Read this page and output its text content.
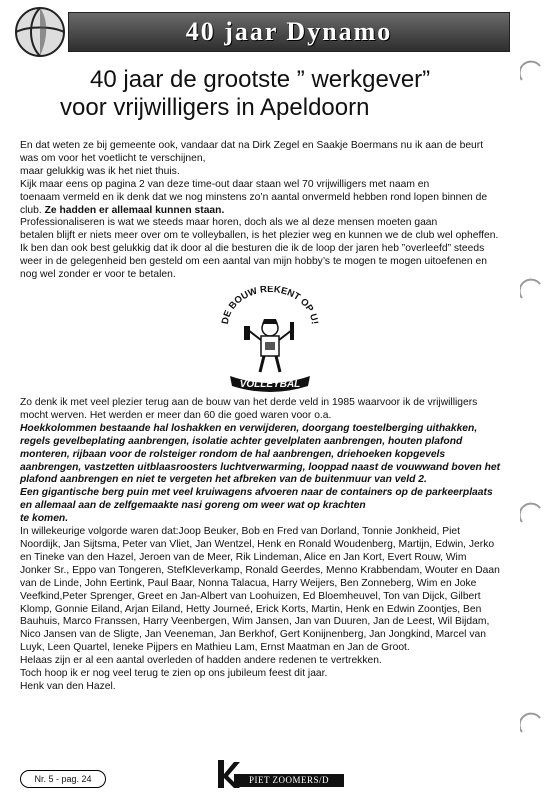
40 jaar Dynamo
40 jaar de grootste ” werkgever”
voor vrijwilligers in Apeldoorn

En dat weten ze bij gemeente ook, vandaar dat na Dirk Zegel en Saakje Boermans nu ik aan de beurt

was om voor het voetlicht te verschijnen,

maar gelukkig was ik het niet thuis.

Kijk maar eens op pagina 2 van deze time-out daar staan wel 70 vrijwilligers met naam en

toenaam vermeld en ik denk dat we nog minstens zo’n aantal onvermeld hebben rond lopen binnen de

club. Ze hadden er allemaal kunnen staan.

Professionaliseren is wat we steeds maar horen, doch als we al deze mensen moeten gaan

betalen blijft er niets meer over om te volleyballen, is het plezier weg en kunnen we de club wel opheffen.

Ik ben dan ook best gelukkig dat ik door al die besturen die ik de loop der jaren heb ”overleefd” steeds

weer in de gelegenheid ben gesteld om een aantal van mijn hobby’s te mogen te mogen uitoefenen en

nog wel zonder er voor te betalen.

DE BOUW REKENT OP U!
VOLLEYBAL

Zo denk ik met veel plezier terug aan de bouw van het derde veld in 1985 waarvoor ik de vrijwilligers

mocht werven. Het werden er meer dan 60 die goed waren voor o.a.

Hoekkolommen bestaande hal loshakken en verwijderen, doorgang toestelberging uithakken,

regels gevelbeplating aanbrengen, isolatie achter gevelplaten aanbrengen, houten plafond

monteren, rijbaan voor de rolsteiger rondom de hal aanbrengen, driehoeken kopgevels

aanbrengen, vastzetten uitblaasroosters luchtverwarming, looppad naast de vouwwand boven het

plafond aanbrengen en niet te vergeten het afbreken van de buitenmuur van veld 2.

Een gigantische berg puin met veel kruiwagens afvoeren naar de containers op de parkeerplaats

en allemaal aan de zelfgemaakte nasi goreng om weer wat op krachten

te komen.

In willekeurige volgorde waren dat:Joop Beuker, Bob en Fred van Dorland, Tonnie Jonkheid, Piet

Noordijk, Jan Sijtsma, Peter van Vliet, Jan Wentzel, Henk en Ronald Woudenberg, Martijn, Edwin, Jerko

en Tineke van den Hazel, Jeroen van de Meer, Rik Lindeman, Alice en Jan Kort, Evert Rouw, Wim

Jonker Sr., Eppo van Tongeren, StefKleverkamp, Ronald Geerdes, Menno Krabbendam, Wouter en Daan

van de Linde, John Eertink, Paul Baar, Nonna Talacua, Harry Weijers, Ben Zonneberg, Wim en Joke

Veefkind,Peter Sprenger, Greet en Jan-Albert van Loohuizen, Ed Bloemheuvel, Ton van Dijck, Gilbert

Klomp, Gonnie Eiland, Arjan Eiland, Hetty Journeé, Erick Korts, Martin, Henk en Edwin Zoontjes, Ben

Bauhuis, Marco Franssen, Harry Veenbergen, Wim Jansen, Jan van Duuren, Jan de Leest, Wil Bijdam,

Nico Jansen van de Sligte, Jan Veeneman, Jan Berkhof, Gert Konijnenberg, Jan Jongkind, Marcel van

Luyk, Leen Quartel, Ieneke Pijpers en Mathieu Lam, Ernst Maatman en Jan de Groot.

Helaas zijn er al een aantal overleden of hadden andere redenen te vertrekken.

Toch hoop ik er nog veel terug te zien op ons jubileum feest dit jaar.

Henk van den Hazel.

Nr. 5 - pag. 24	PIET ZOOMERS/D
